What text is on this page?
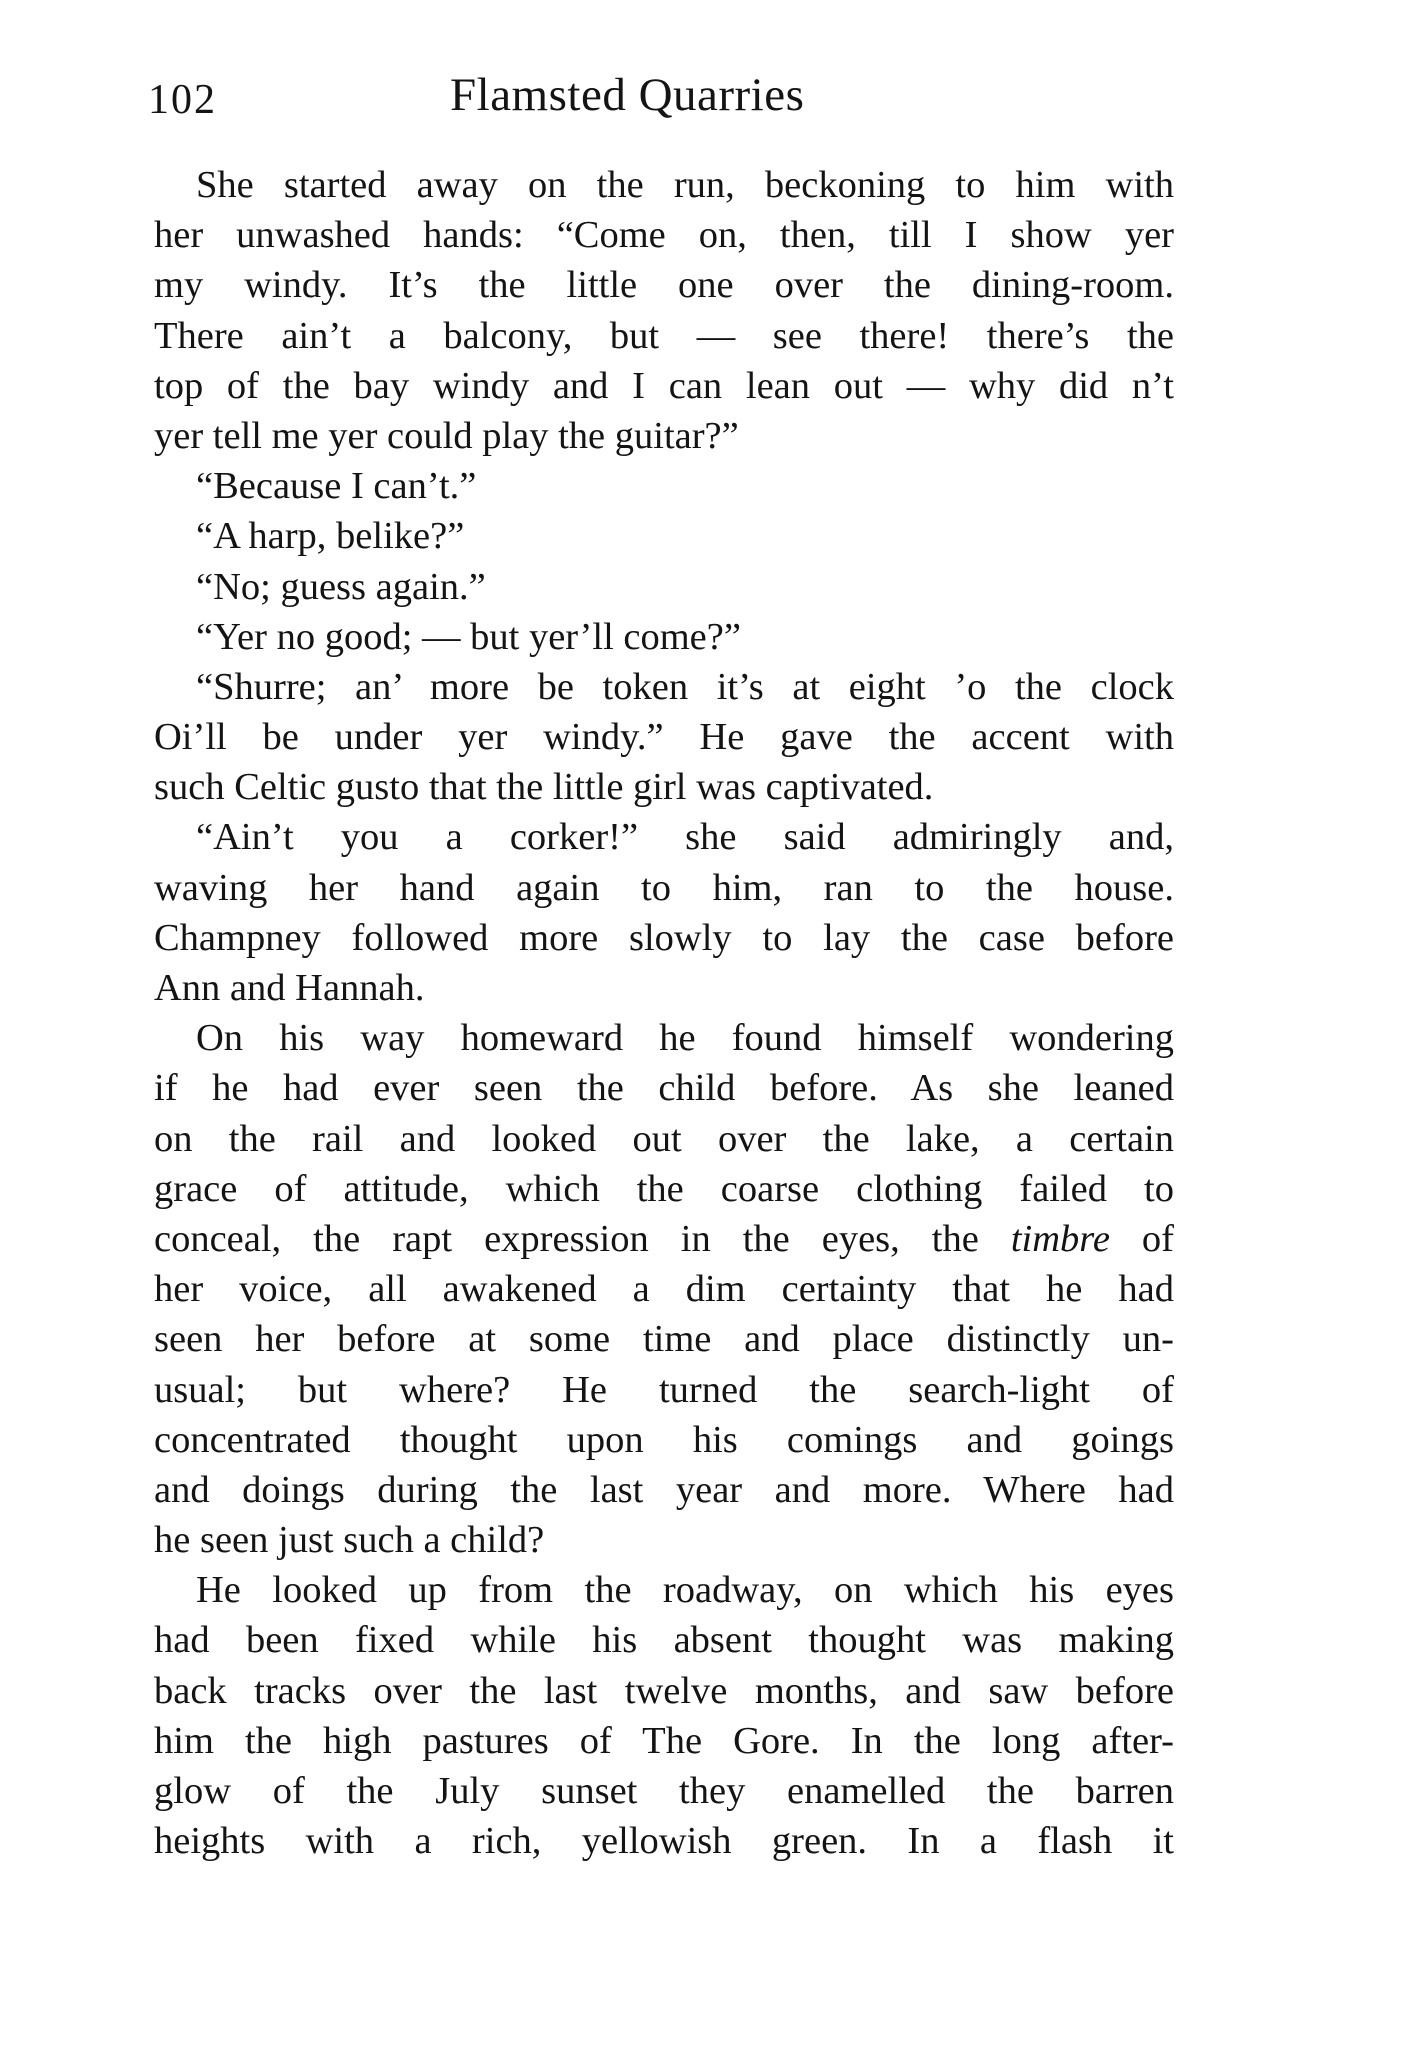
102	Flamsted Quarries
She started away on the run, beckoning to him with
her unwashed hands: “Come on, then, till I show yer
my windy. It’s the little one over the dining-room.
There ain’t a balcony, but — see there! there’s the
top of the bay windy and I can lean out — why did n’t
yer tell me yer could play the guitar?”
“Because I can’t.”
“A harp, belike?”
“No; guess again.”
“Yer no good; — but yer’ll come?”
“Shurre; an’ more be token it’s at eight ’o the clock
Oi’ll be under yer windy.” He gave the accent with
such Celtic gusto that the little girl was captivated.
“Ain’t you a corker!” she said admiringly and,
waving her hand again to him, ran to the house.
Champney followed more slowly to lay the case before
Ann and Hannah.
On his way homeward he found himself wondering
if he had ever seen the child before. As she leaned
on the rail and looked out over the lake, a certain
grace of attitude, which the coarse clothing failed to
conceal, the rapt expression in the eyes, the timbre of
her voice, all awakened a dim certainty that he had
seen her before at some time and place distinctly un-
usual; but where? He turned the search-light of
concentrated thought upon his comings and goings
and doings during the last year and more. Where had
he seen just such a child?
He looked up from the roadway, on which his eyes
had been fixed while his absent thought was making
back tracks over the last twelve months, and saw before
him the high pastures of The Gore. In the long after-
glow of the July sunset they enamelled the barren
heights with a rich, yellowish green. In a flash it
